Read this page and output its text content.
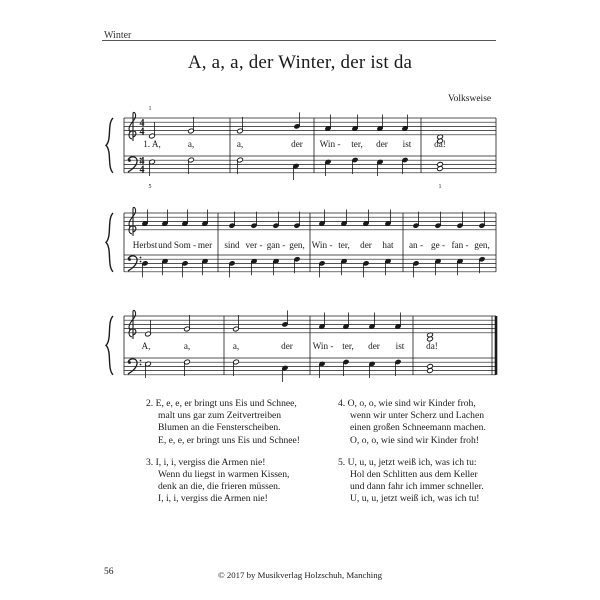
Winter
A, a, a, der Winter, der ist da
Volksweise
4
4
4
4
1
5	1
1. A,	a,	a,	der Win - ter, der ist da!
Herbst und Som - mer sind ver - gan - gen, Win - ter, der hat an - ge - fan - gen,
A,	a,	a,	der Win - ter, der ist da!
2. E, e, e, er bringt uns Eis und Schnee,
malt uns gar zum Zeitvertreiben
Blumen an die Fensterscheiben.
E, e, e, er bringt uns Eis und Schnee!
3. I, i, i, vergiss die Armen nie!
Wenn du liegst in warmen Kissen,
denk an die, die frieren müssen.
I, i, i, vergiss die Armen nie!
4. O, o, o, wie sind wir Kinder froh,
wenn wir unter Scherz und Lachen
einen großen Schneemann machen.
O, o, o, wie sind wir Kinder froh!
5. U, u, u, jetzt weiß ich, was ich tu:
Hol den Schlitten aus dem Keller
und dann fahr ich immer schneller.
U, u, u, jetzt weiß ich, was ich tu!
56	© 2017 by Musikverlag Holzschuh, Manching
